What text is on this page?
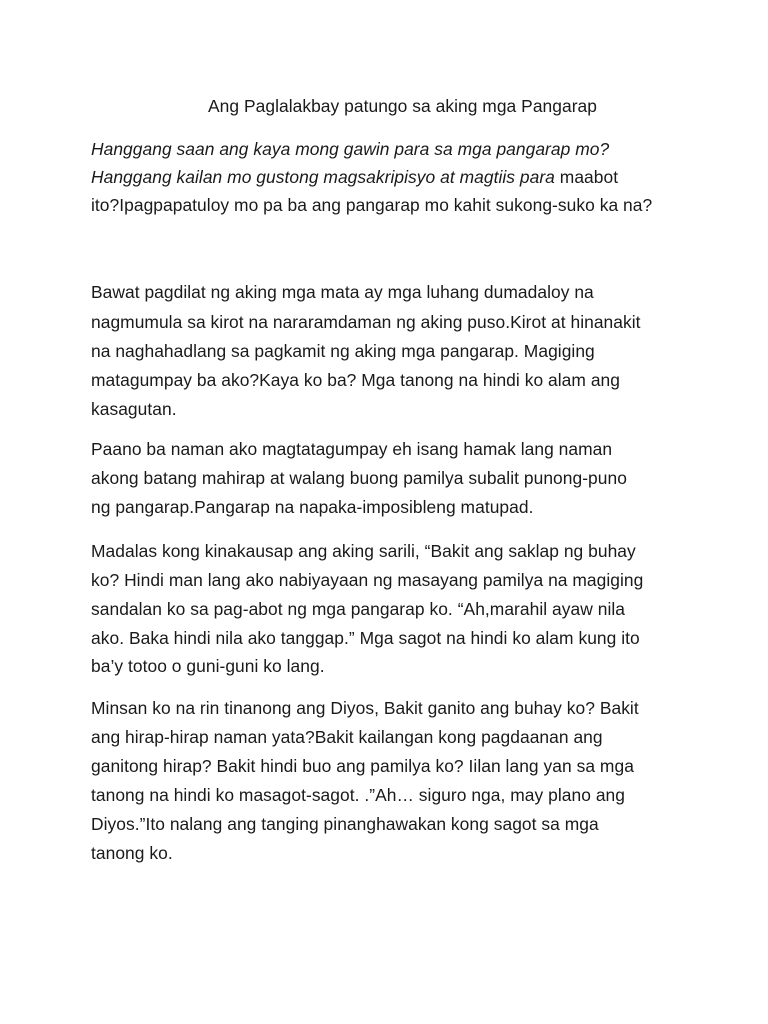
Ang Paglalakbay patungo sa aking mga Pangarap
Hanggang saan ang kaya mong gawin para sa mga pangarap mo?
Hanggang kailan mo gustong magsakripisyo at magtiis para maabot
ito?Ipagpapatuloy mo pa ba ang pangarap mo kahit sukong-suko ka na?
Bawat pagdilat ng aking mga mata ay mga luhang dumadaloy na
nagmumula sa kirot na nararamdaman ng aking puso.Kirot at hinanakit
na naghahadlang sa pagkamit ng aking mga pangarap. Magiging
matagumpay ba ako?Kaya ko ba? Mga tanong na hindi ko alam ang
kasagutan.
Paano ba naman ako magtatagumpay eh isang hamak lang naman
akong batang mahirap at walang buong pamilya subalit punong-puno
ng pangarap.Pangarap na napaka-imposibleng matupad.
Madalas kong kinakausap ang aking sarili, “Bakit ang saklap ng buhay
ko? Hindi man lang ako nabiyayaan ng masayang pamilya na magiging
sandalan ko sa pag-abot ng mga pangarap ko. “Ah,marahil ayaw nila
ako. Baka hindi nila ako tanggap.” Mga sagot na hindi ko alam kung ito
ba’y totoo o guni-guni ko lang.
Minsan ko na rin tinanong ang Diyos, Bakit ganito ang buhay ko? Bakit
ang hirap-hirap naman yata?Bakit kailangan kong pagdaanan ang
ganitong hirap? Bakit hindi buo ang pamilya ko? Iilan lang yan sa mga
tanong na hindi ko masagot-sagot. .”Ah… siguro nga, may plano ang
Diyos.”Ito nalang ang tanging pinanghawakan kong sagot sa mga
tanong ko.
